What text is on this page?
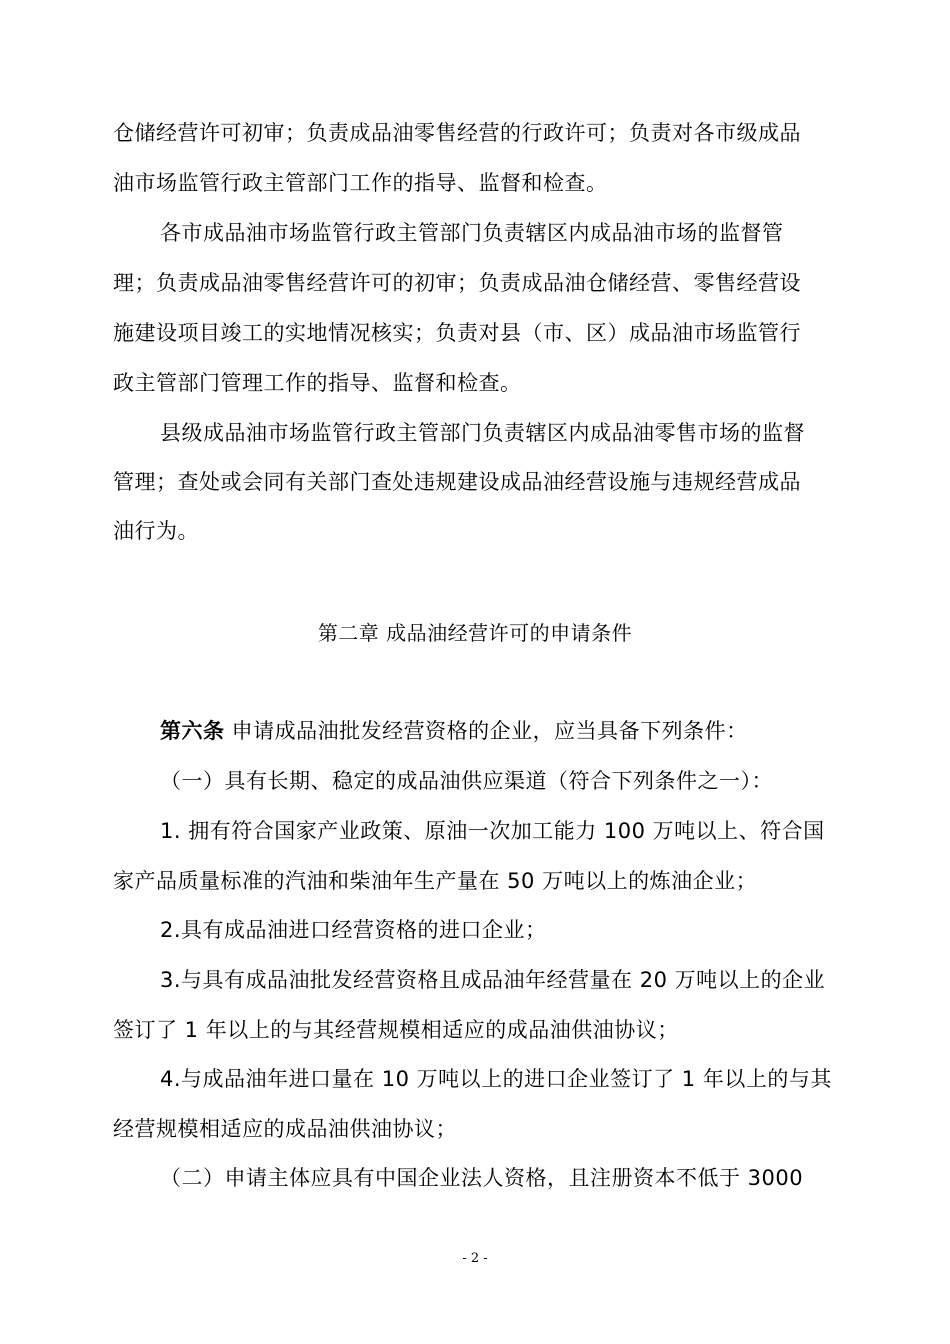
仓储经营许可初审；负责成品油零售经营的行政许可；负责对各市级成品
油市场监管行政主管部门工作的指导、监督和检查。
各市成品油市场监管行政主管部门负责辖区内成品油市场的监督管
理；负责成品油零售经营许可的初审；负责成品油仓储经营、零售经营设
施建设项目竣工的实地情况核实；负责对县（市、区）成品油市场监管行
政主管部门管理工作的指导、监督和检查。
县级成品油市场监管行政主管部门负责辖区内成品油零售市场的监督
管理；查处或会同有关部门查处违规建设成品油经营设施与违规经营成品
油行为。
第二章 成品油经营许可的申请条件
第六条 申请成品油批发经营资格的企业，应当具备下列条件：
（一）具有长期、稳定的成品油供应渠道（符合下列条件之一）：
1. 拥有符合国家产业政策、原油一次加工能力 100 万吨以上、符合国
家产品质量标准的汽油和柴油年生产量在 50 万吨以上的炼油企业；
2.具有成品油进口经营资格的进口企业；
3.与具有成品油批发经营资格且成品油年经营量在 20 万吨以上的企业
签订了 1 年以上的与其经营规模相适应的成品油供油协议；
4.与成品油年进口量在 10 万吨以上的进口企业签订了 1 年以上的与其
经营规模相适应的成品油供油协议；
（二）申请主体应具有中国企业法人资格，且注册资本不低于 3000
- 2 -
